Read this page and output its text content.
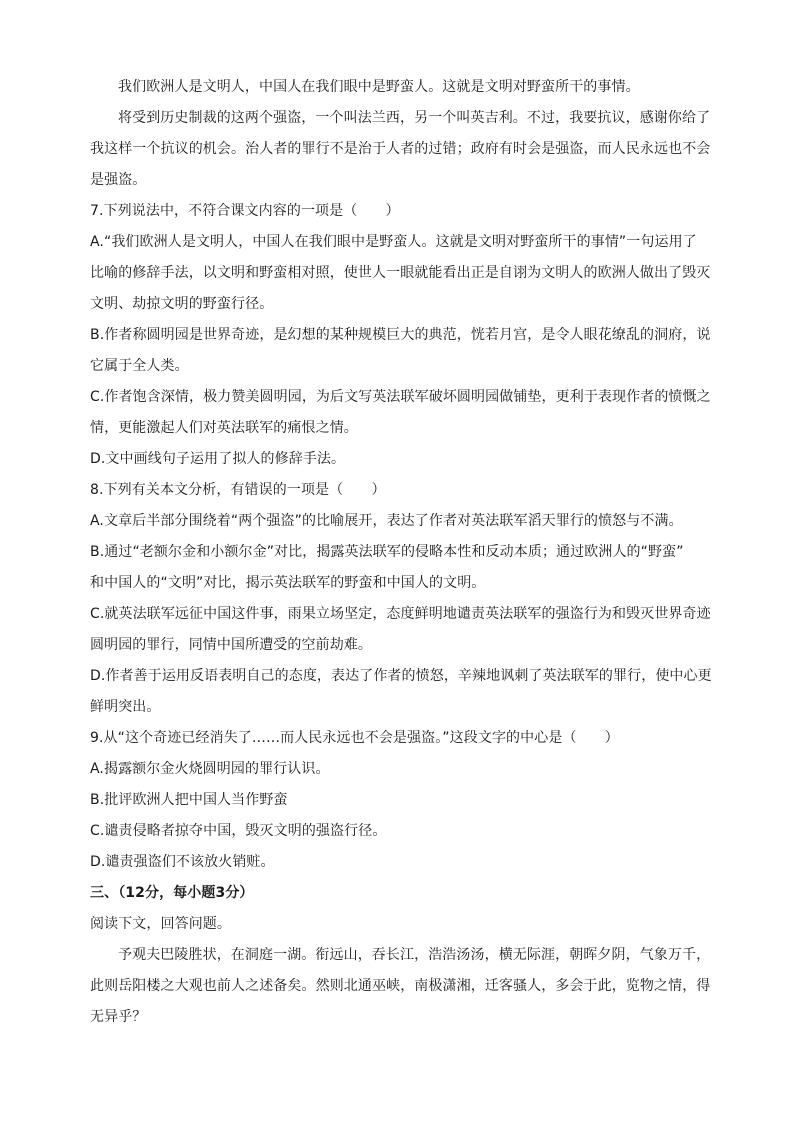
我们欧洲人是文明人，中国人在我们眼中是野蛮人。这就是文明对野蛮所干的事情。
将受到历史制裁的这两个强盗，一个叫法兰西，另一个叫英吉利。不过，我要抗议，感谢你给了
我这样一个抗议的机会。治人者的罪行不是治于人者的过错；政府有时会是强盗，而人民永远也不会
是强盗。
7.下列说法中，不符合课文内容的一项是（　　）
A.“我们欧洲人是文明人，中国人在我们眼中是野蛮人。这就是文明对野蛮所干的事情”一句运用了
比喻的修辞手法，以文明和野蛮相对照，使世人一眼就能看出正是自诩为文明人的欧洲人做出了毁灭
文明、劫掠文明的野蛮行径。
B.作者称圆明园是世界奇迹，是幻想的某种规模巨大的典范，恍若月宫，是令人眼花缭乱的洞府，说
它属于全人类。
C.作者饱含深情，极力赞美圆明园，为后文写英法联军破坏圆明园做铺垫，更利于表现作者的愤慨之
情，更能激起人们对英法联军的痛恨之情。
D.文中画线句子运用了拟人的修辞手法。
8.下列有关本文分析，有错误的一项是（　　）
A.文章后半部分围绕着“两个强盗”的比喻展开，表达了作者对英法联军滔天罪行的愤怒与不满。
B.通过“老额尔金和小额尔金”对比，揭露英法联军的侵略本性和反动本质；通过欧洲人的“野蛮”
和中国人的“文明”对比，揭示英法联军的野蛮和中国人的文明。
C.就英法联军远征中国这件事，雨果立场坚定，态度鲜明地谴责英法联军的强盗行为和毁灭世界奇迹
圆明园的罪行，同情中国所遭受的空前劫难。
D.作者善于运用反语表明自己的态度，表达了作者的愤怒，辛辣地讽刺了英法联军的罪行，使中心更
鲜明突出。
9.从“这个奇迹已经消失了……而人民永远也不会是强盗。”这段文字的中心是（　　）
A.揭露额尔金火烧圆明园的罪行认识。
B.批评欧洲人把中国人当作野蛮
C.谴责侵略者掠夺中国，毁灭文明的强盗行径。
D.谴责强盗们不该放火销赃。
三、（12分，每小题3分）
阅读下文，回答问题。
予观夫巴陵胜状，在洞庭一湖。衔远山，吞长江，浩浩汤汤，横无际涯，朝晖夕阴，气象万千，
此则岳阳楼之大观也前人之述备矣。然则北通巫峡，南极潇湘，迁客骚人，多会于此，览物之情，得
无异乎？
